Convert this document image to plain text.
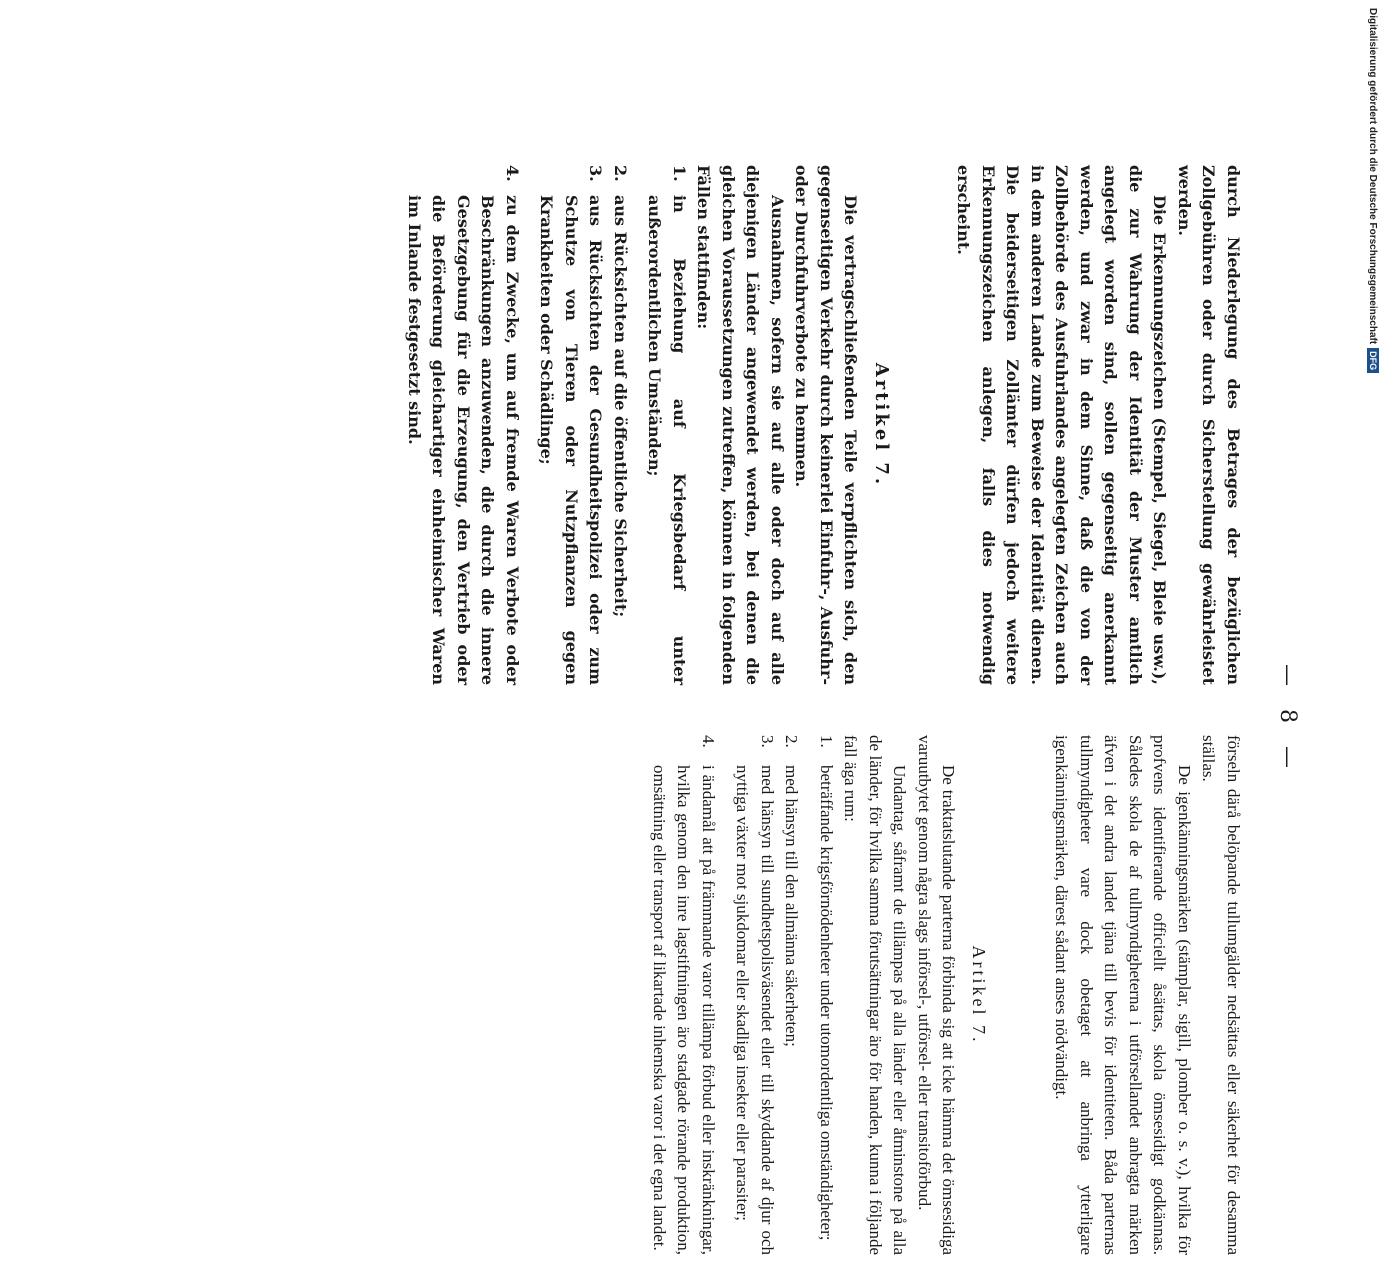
— 8 —

durch Niederlegung des Betrages der bezüglichen Zollgebühren oder durch Sicherstellung gewährleistet werden.

Die Erkennungszeichen (Stempel, Siegel, Bleie usw.), die zur Wahrung der Identität der Muster amtlich angelegt worden sind, sollen gegenseitig anerkannt werden, und zwar in dem Sinne, daß die von der Zollbehörde des Ausfuhrlandes angelegten Zeichen auch in dem anderen Lande zum Beweise der Identität dienen. Die beiderseitigen Zollämter dürfen jedoch weitere Erkennungszeichen anlegen, falls dies notwendig erscheint.

Artikel 7.

Die vertragschließenden Teile verpflichten sich, den gegenseitigen Verkehr durch keinerlei Einfuhr-, Ausfuhr- oder Durchfuhrverbote zu hemmen.

Ausnahmen, sofern sie auf alle oder doch auf alle diejenigen Länder angewendet werden, bei denen die gleichen Voraussetzungen zutreffen, können in folgenden Fällen stattfinden:

1.
in Beziehung auf Kriegsbedarf unter außerordentlichen Umständen;
2.
aus Rücksichten auf die öffentliche Sicherheit;
3.
aus Rücksichten der Gesundheitspolizei oder zum Schutze von Tieren oder Nutzpflanzen gegen Krankheiten oder Schädlinge;
4.
zu dem Zwecke, um auf fremde Waren Verbote oder Beschränkungen anzuwenden, die durch die innere Gesetzgebung für die Erzeugung, den Vertrieb oder die Beförderung gleichartiger einheimischer Waren im Inlande festgesetzt sind.

förseln därå belöpande tullumgälder nedsättas eller säkerhet för desamma ställas.

De igenkänningsmärken (stämplar, sigill, plomber o. s. v.), hvilka för profvens identifierande officiellt åsättas, skola ömsesidigt godkännas. Således skola de af tullmyndigheterna i utförsellandet anbragta märken äfven i det andra landet tjäna till bevis för identiteten. Båda parternas tullmyndigheter vare dock obetaget att anbringa ytterligare igenkänningsmärken, därest sådant anses nödvändigt.

Artikel 7.

De traktatslutande parterna förbinda sig att icke hämma det ömsesidiga varuutbytet genom några slags införsel-, utförsel- eller transitoförbud.

Undantag, såframt de tillämpas på alla länder eller åtminstone på alla de länder, för hvilka samma förutsättningar äro för handen, kunna i följande fall äga rum:

1.
beträffande krigsförnödenheter under utomordentliga omständigheter;
2.
med hänsyn till den allmänna säkerheten;
3.
med hänsyn till sundhetspolisväsendet eller till skyddande af djur och nyttiga växter mot sjukdomar eller skadliga insekter eller parasiter;
4.
i ändamål att på främmande varor tillämpa förbud eller inskränkningar, hvilka genom den inre lagstiftningen äro stadgade rörande produktion, omsättning eller transport af likartade inhemska varor i det egna landet.
Digitalisierung gefördert durch die Deutsche Forschungsgemeinschaft
DFG
